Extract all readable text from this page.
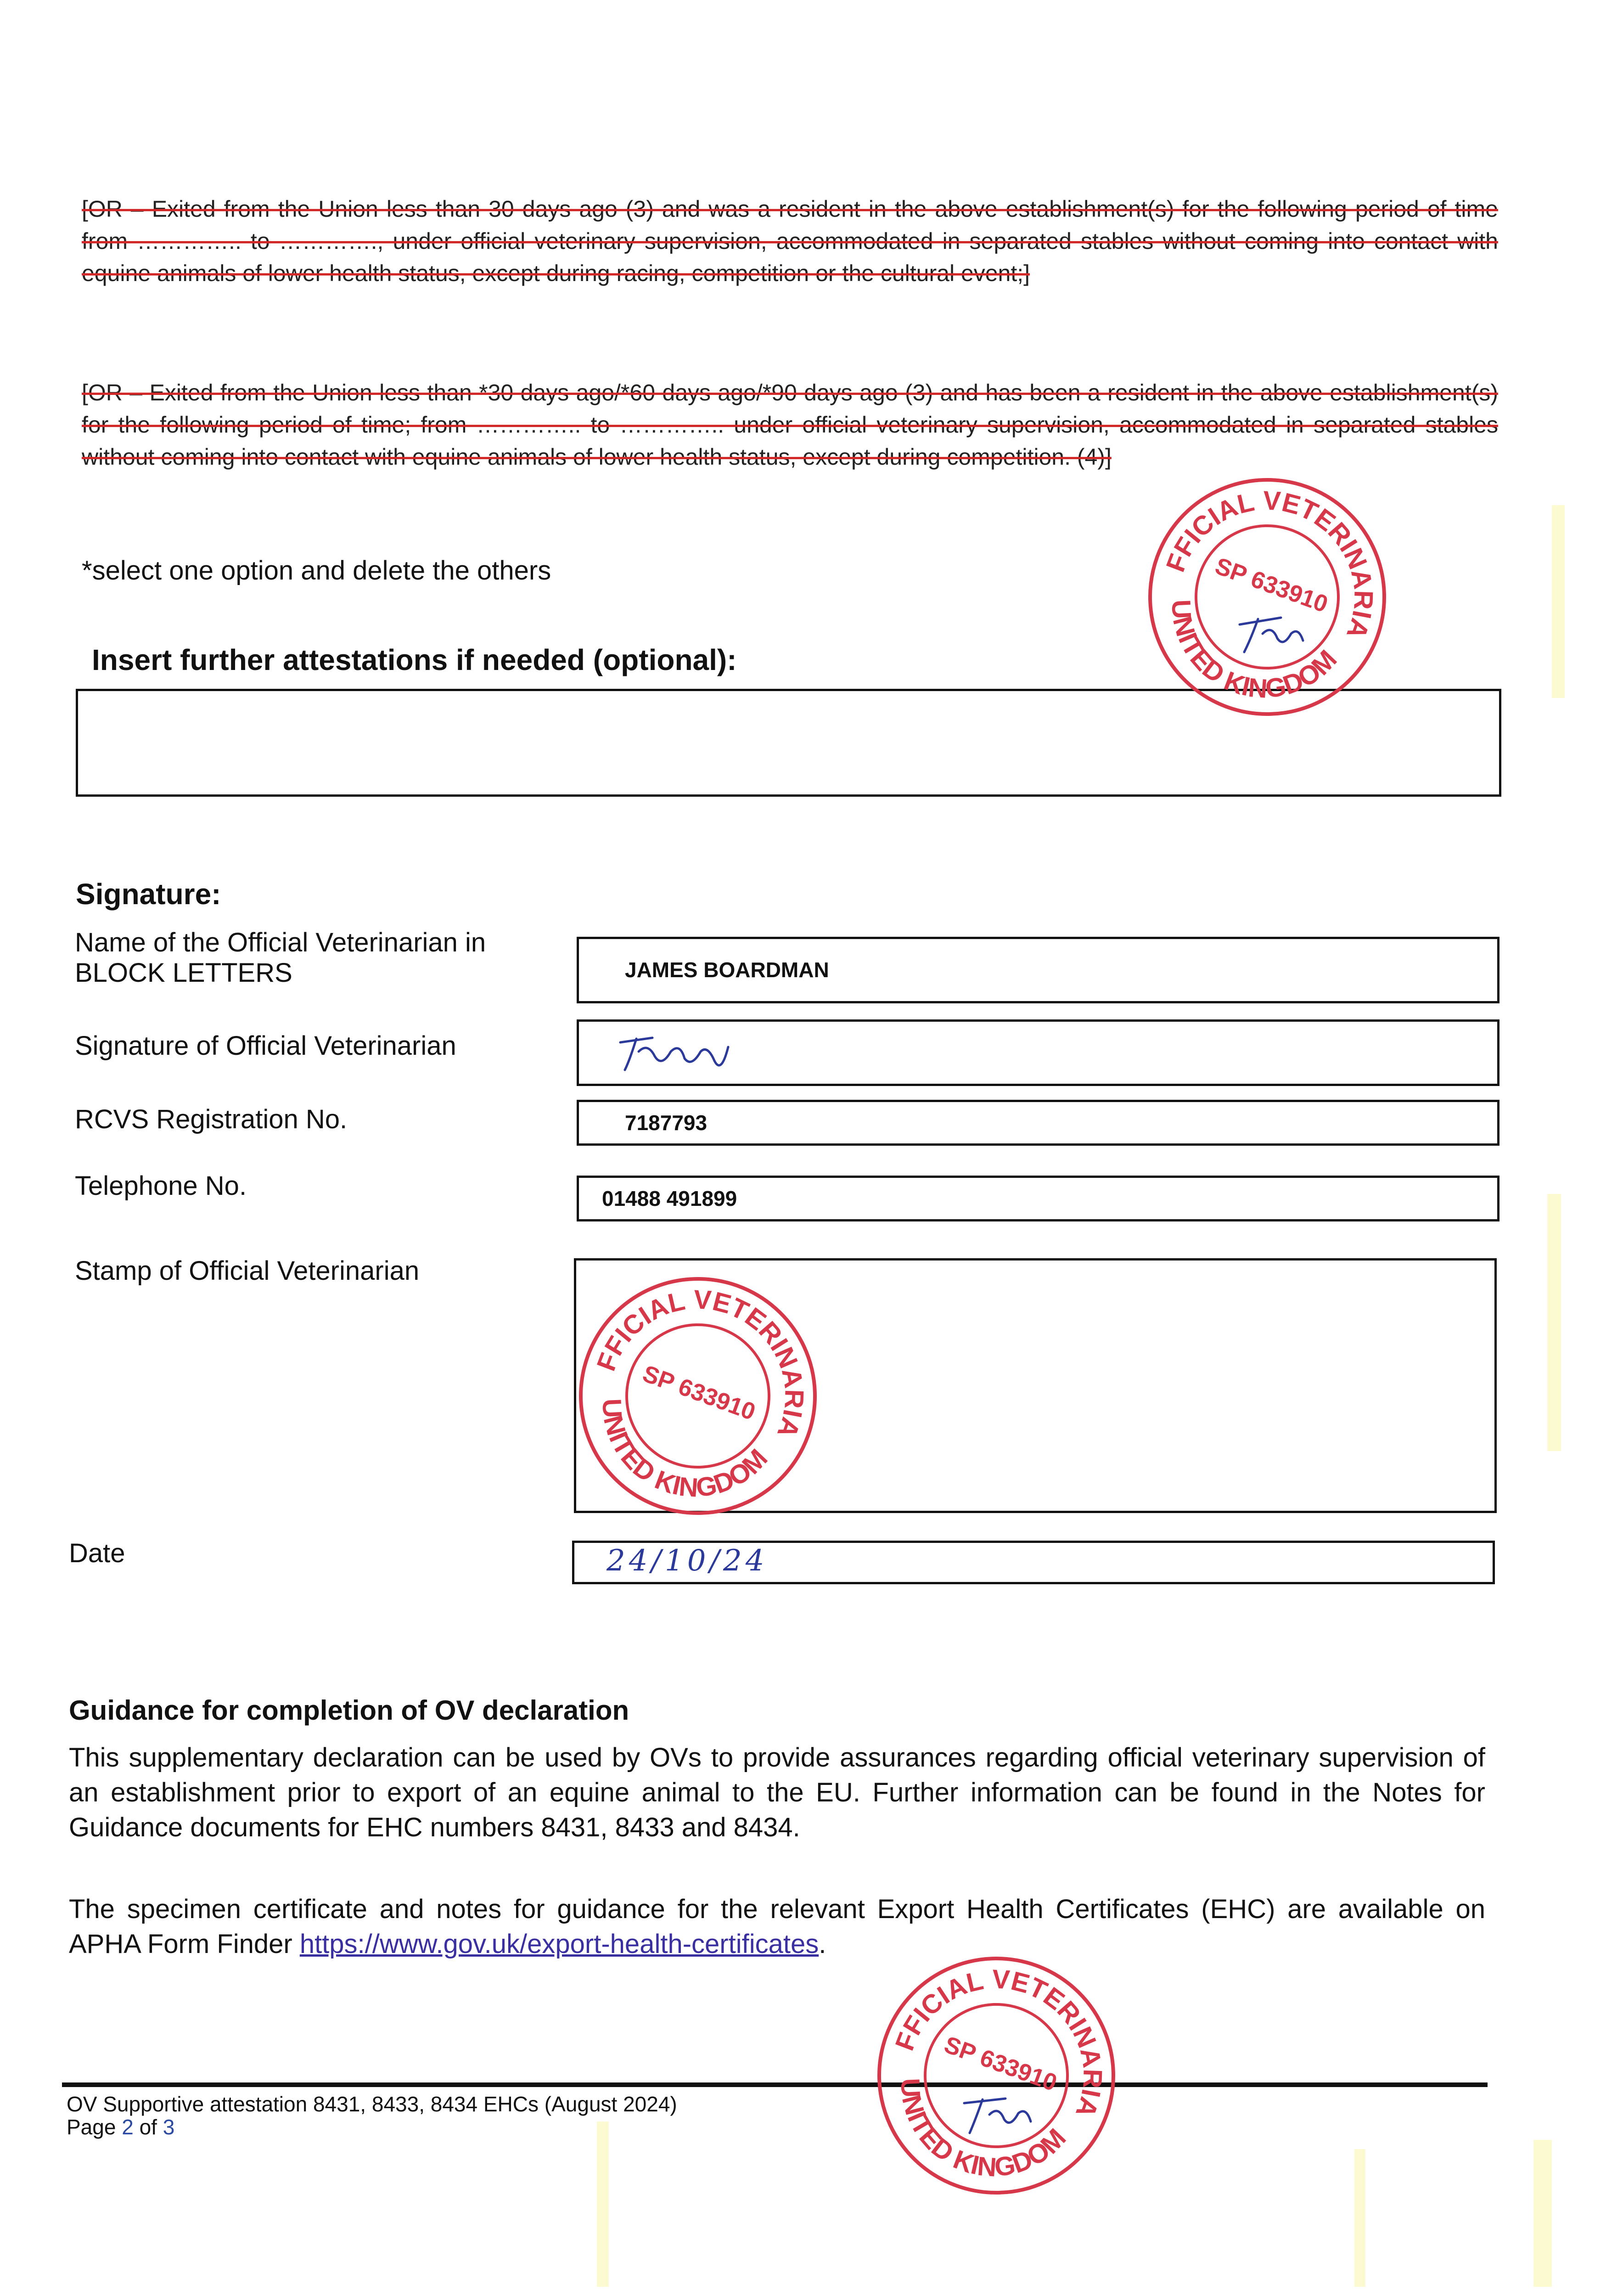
[OR – Exited from the Union less than 30 days ago (3) and was a resident in the above establishment(s) for the following period of time from ………….. to …………., under official veterinary supervision, accommodated in separated stables without coming into contact with equine animals of lower health status, except during racing, competition or the cultural event;]
[OR – Exited from the Union less than *30 days ago/*60 days ago/*90 days ago (3) and has been a resident in the above establishment(s) for the following period of time; from ………….. to ………….. under official veterinary supervision, accommodated in separated stables without coming into contact with equine animals of lower health status, except during competition. (4)]
*select one option and delete the others
Insert further attestations if needed (optional):
Signature:
Name of the Official Veterinarian in BLOCK LETTERS	JAMES BOARDMAN
Signature of Official Veterinarian
RCVS Registration No.	7187793
Telephone No.	01488 491899
Stamp of Official Veterinarian
Date	24/10/24
Guidance for completion of OV declaration
This supplementary declaration can be used by OVs to provide assurances regarding official veterinary supervision of an establishment prior to export of an equine animal to the EU. Further information can be found in the Notes for Guidance documents for EHC numbers 8431, 8433 and 8434.
The specimen certificate and notes for guidance for the relevant Export Health Certificates (EHC) are available on APHA Form Finder https://www.gov.uk/export-health-certificates.
OV Supportive attestation 8431, 8433, 8434 EHCs (August 2024)
Page 2 of 3
OFFICIAL VETERINARIAN
UNITED KINGDOM
SP 633910
OFFICIAL VETERINARIAN
UNITED KINGDOM
SP 633910
OFFICIAL VETERINARIAN
UNITED KINGDOM
SP 633910
